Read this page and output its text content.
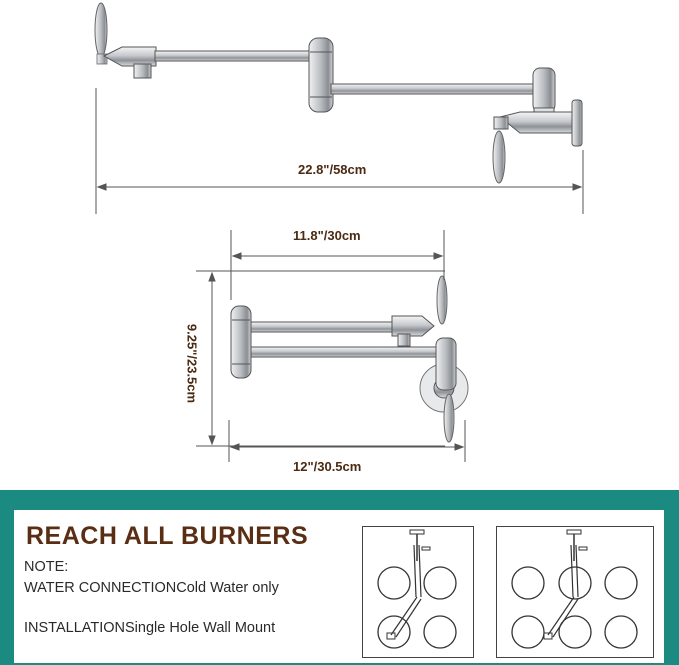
22.8"/58cm
11.8"/30cm
9.25"/23.5cm
12"/30.5cm
REACH ALL BURNERS
NOTE:
WATER CONNECTIONCold Water only
INSTALLATIONSingle Hole Wall Mount
